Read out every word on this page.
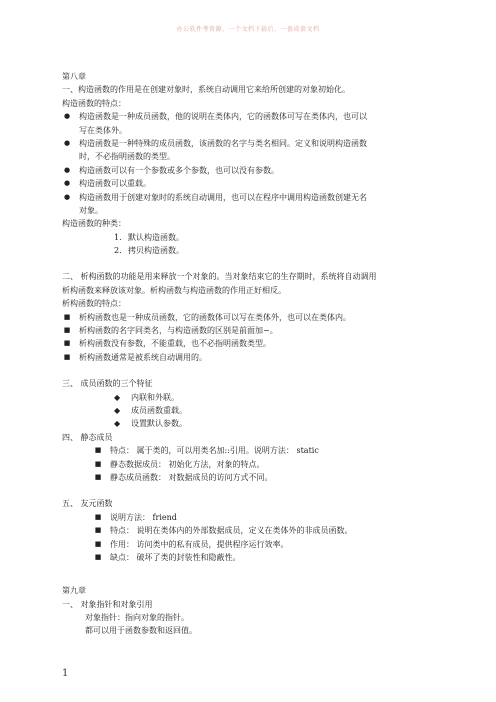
办公软件考资源，一个文档下载后，一套成套文档
第八章
一、构造函数的作用是在创建对象时，系统自动调用它来给所创建的对象初始化。
构造函数的特点：
● 构造函数是一种成员函数，他的说明在类体内，它的函数体可写在类体内，也可以
写在类体外。
● 构造函数是一种特殊的成员函数，该函数的名字与类名相同。定义和说明构造函数
时，不必指明函数的类型。
● 构造函数可以有一个参数或多个参数，也可以没有参数。
● 构造函数可以重载。
● 构造函数用于创建对象时的系统自动调用，也可以在程序中调用构造函数创建无名
对象。
构造函数的种类：
1. 默认构造函数。
2. 拷贝构造函数。
二、 析构函数的功能是用来释放一个对象的。当对象结束它的生存期时，系统将自动调用
析构函数来释放该对象。析构函数与构造函数的作用正好相反。
析构函数的特点：
■ 析构函数也是一种成员函数，它的函数体可以写在类体外，也可以在类体内。
■ 析构函数的名字同类名，与构造函数的区别是前面加~。
■ 析构函数没有参数，不能重载，也不必指明函数类型。
■ 析构函数通常是被系统自动调用的。
三、 成员函数的三个特征
◆ 内联和外联。
◆ 成员函数重载。
◆ 设置默认参数。
四、 静态成员
■ 特点： 属于类的，可以用类名加::引用。说明方法： static
■ 静态数据成员： 初始化方法，对象的特点。
■ 静态成员函数： 对数据成员的访问方式不同。
五、 友元函数
■ 说明方法： friend
■ 特点： 说明在类体内的外部数据成员，定义在类体外的非成员函数。
■ 作用： 访问类中的私有成员，提供程序运行效率。
■ 缺点： 破坏了类的封装性和隐蔽性。
第九章
一、 对象指针和对象引用
对象指针：指向对象的指针。
都可以用于函数参数和返回值。
1
